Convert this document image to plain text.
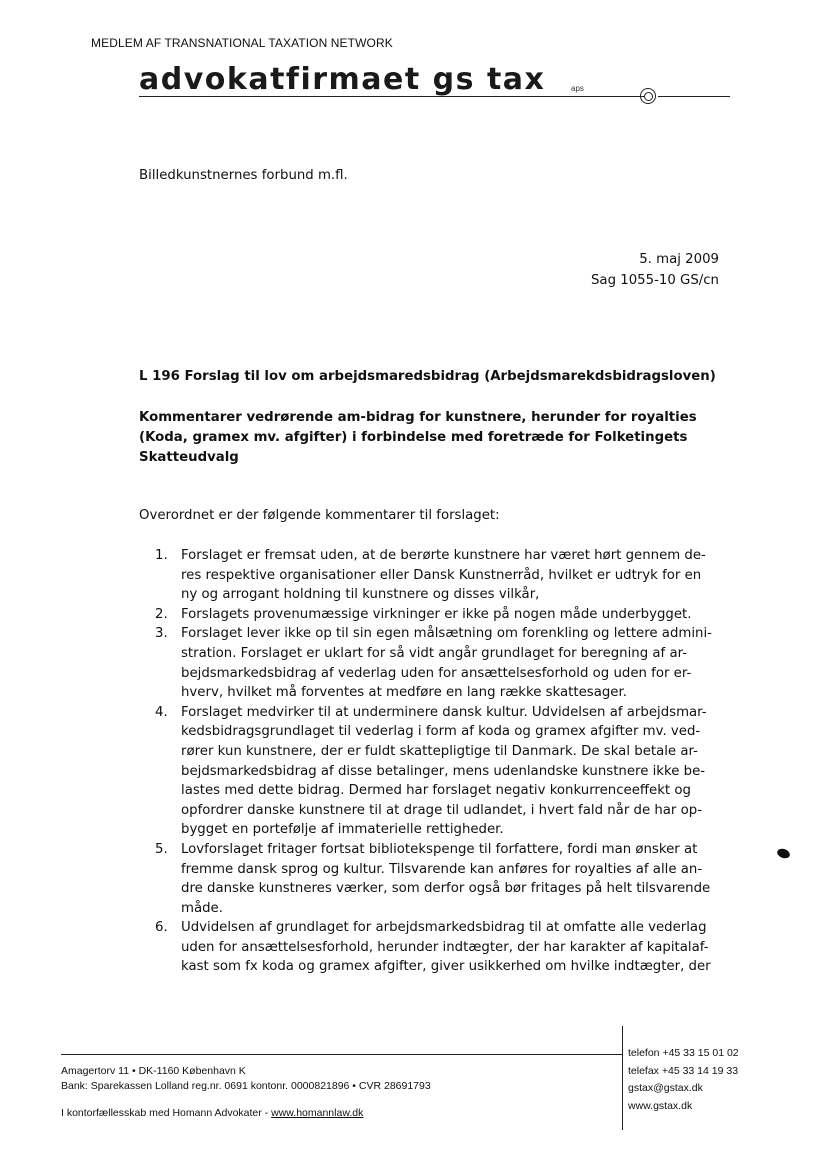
MEDLEM AF TRANSNATIONAL TAXATION NETWORK
advokatfirmaet gs tax	aps
Billedkunstnernes forbund m.fl.
5. maj 2009
Sag 1055-10 GS/cn
L 196 Forslag til lov om arbejdsmaredsbidrag (Arbejdsmarekdsbidragsloven)
Kommentarer vedrørende am-bidrag for kunstnere, herunder for royalties (Koda, gramex mv. afgifter) i forbindelse med foretræde for Folketingets Skatteudvalg
Overordnet er der følgende kommentarer til forslaget:
1. Forslaget er fremsat uden, at de berørte kunstnere har været hørt gennem de-
res respektive organisationer eller Dansk Kunstnerråd, hvilket er udtryk for en
ny og arrogant holdning til kunstnere og disses vilkår,
2. Forslagets provenumæssige virkninger er ikke på nogen måde underbygget.
3. Forslaget lever ikke op til sin egen målsætning om forenkling og lettere admini-
stration. Forslaget er uklart for så vidt angår grundlaget for beregning af ar-
bejdsmarkedsbidrag af vederlag uden for ansættelsesforhold og uden for er-
hverv, hvilket må forventes at medføre en lang række skattesager.
4. Forslaget medvirker til at underminere dansk kultur. Udvidelsen af arbejdsmar-
kedsbidragsgrundlaget til vederlag i form af koda og gramex afgifter mv. ved-
rører kun kunstnere, der er fuldt skattepligtige til Danmark. De skal betale ar-
bejdsmarkedsbidrag af disse betalinger, mens udenlandske kunstnere ikke be-
lastes med dette bidrag. Dermed har forslaget negativ konkurrenceeffekt og
opfordrer danske kunstnere til at drage til udlandet, i hvert fald når de har op-
bygget en portefølje af immaterielle rettigheder.
5. Lovforslaget fritager fortsat bibliotekspenge til forfattere, fordi man ønsker at
fremme dansk sprog og kultur. Tilsvarende kan anføres for royalties af alle an-
dre danske kunstneres værker, som derfor også bør fritages på helt tilsvarende
måde.
6. Udvidelsen af grundlaget for arbejdsmarkedsbidrag til at omfatte alle vederlag
uden for ansættelsesforhold, herunder indtægter, der har karakter af kapitalaf-
kast som fx koda og gramex afgifter, giver usikkerhed om hvilke indtægter, der
Amagertorv 11 • DK-1160 København K
Bank: Sparekassen Lolland reg.nr. 0691 kontonr. 0000821896 • CVR 28691793
I kontorfællesskab med Homann Advokater - www.homannlaw.dk
telefon +45 33 15 01 02
telefax +45 33 14 19 33
gstax@gstax.dk
www.gstax.dk
